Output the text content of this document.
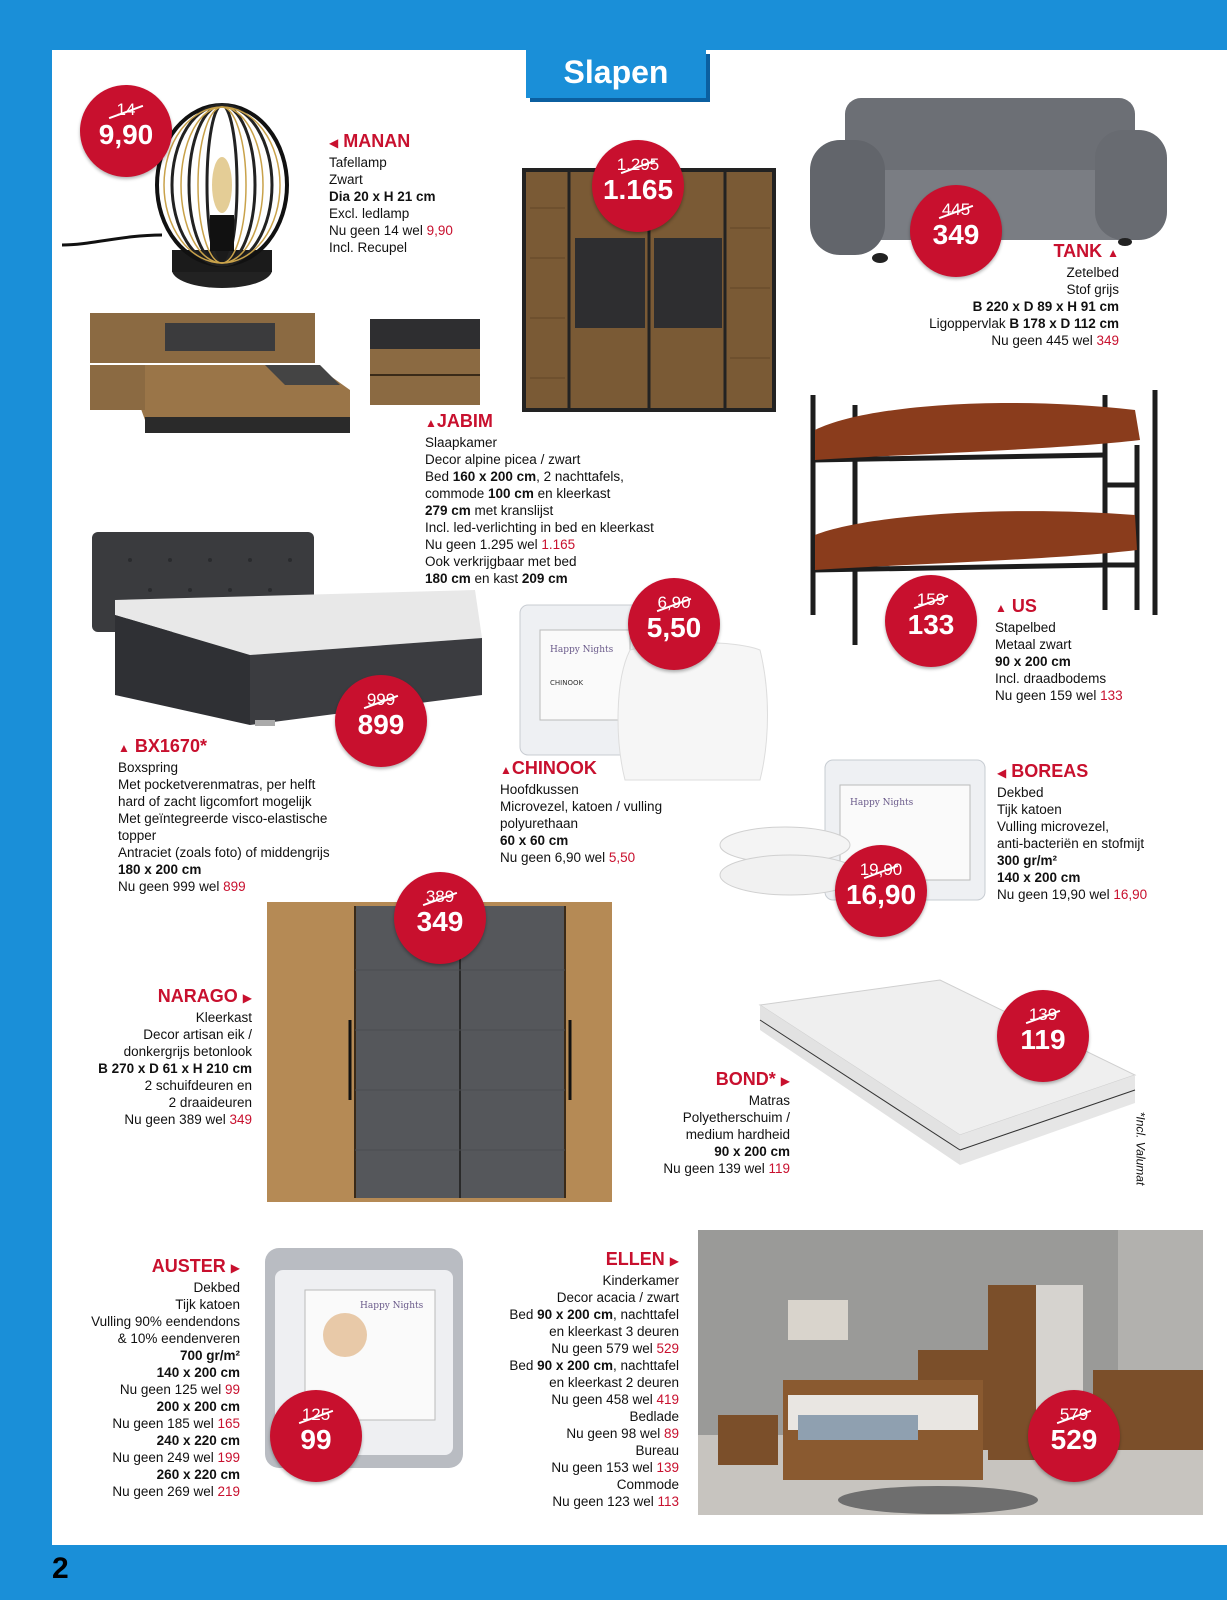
Slapen
2
14
9,90	◀ MANAN
Tafellamp
Zwart
Dia 20 x H 21 cm
Excl. ledlamp
Nu geen 14 wel 9,90
Incl. Recupel
1.295
1.165
445
349
TANK ▲
Zetelbed
Stof grijs
B 220 x D 89 x H 91 cm
Ligoppervlak B 178 x D 112 cm
Nu geen 445 wel 349
▲JABIM
Slaapkamer
Decor alpine picea / zwart
Bed 160 x 200 cm, 2 nachttafels,
commode 100 cm en kleerkast
279 cm met kranslijst
Incl. led-verlichting in bed en kleerkast
Nu geen 1.295 wel 1.165
Ook verkrijgbaar met bed
180 cm en kast 209 cm
159
133
▲ US
Stapelbed
Metaal zwart
90 x 200 cm
Incl. draadbodems
Nu geen 159 wel 133
999
899
▲ BX1670*
Boxspring
Met pocketverenmatras, per helft
hard of zacht ligcomfort mogelijk
Met geïntegreerde visco-elastische
topper
Antraciet (zoals foto) of middengrijs
180 x 200 cm
Nu geen 999 wel 899
Happy Nights
CHINOOK
6,90
5,50
▲CHINOOK
Hoofdkussen
Microvezel, katoen / vulling
polyurethaan
60 x 60 cm
Nu geen 6,90 wel 5,50
Happy Nights
19,90
16,90
◀ BOREAS
Dekbed
Tijk katoen
Vulling microvezel,
anti-bacteriën en stofmijt
300 gr/m²
140 x 200 cm
Nu geen 19,90 wel 16,90
389
349
NARAGO ▶
Kleerkast
Decor artisan eik /
donkergrijs betonlook
B 270 x D 61 x H 210 cm
2 schuifdeuren en
2 draaideuren
Nu geen 389 wel 349
139
119
BOND* ▶
Matras
Polyetherschuim /
medium hardheid
90 x 200 cm
Nu geen 139 wel 119	*Incl. Valumat
Happy Nights
125
99
AUSTER ▶
Dekbed
Tijk katoen
Vulling 90% eendendons
& 10% eendenveren
700 gr/m²
140 x 200 cm
Nu geen 125 wel 99
200 x 200 cm
Nu geen 185 wel 165
240 x 220 cm
Nu geen 249 wel 199
260 x 220 cm
Nu geen 269 wel 219
ELLEN ▶
Kinderkamer
Decor acacia / zwart
Bed 90 x 200 cm, nachttafel
en kleerkast 3 deuren
Nu geen 579 wel 529
Bed 90 x 200 cm, nachttafel
en kleerkast 2 deuren
Nu geen 458 wel 419
Bedlade
Nu geen 98 wel 89
Bureau
Nu geen 153 wel 139
Commode
Nu geen 123 wel 113
579
529
